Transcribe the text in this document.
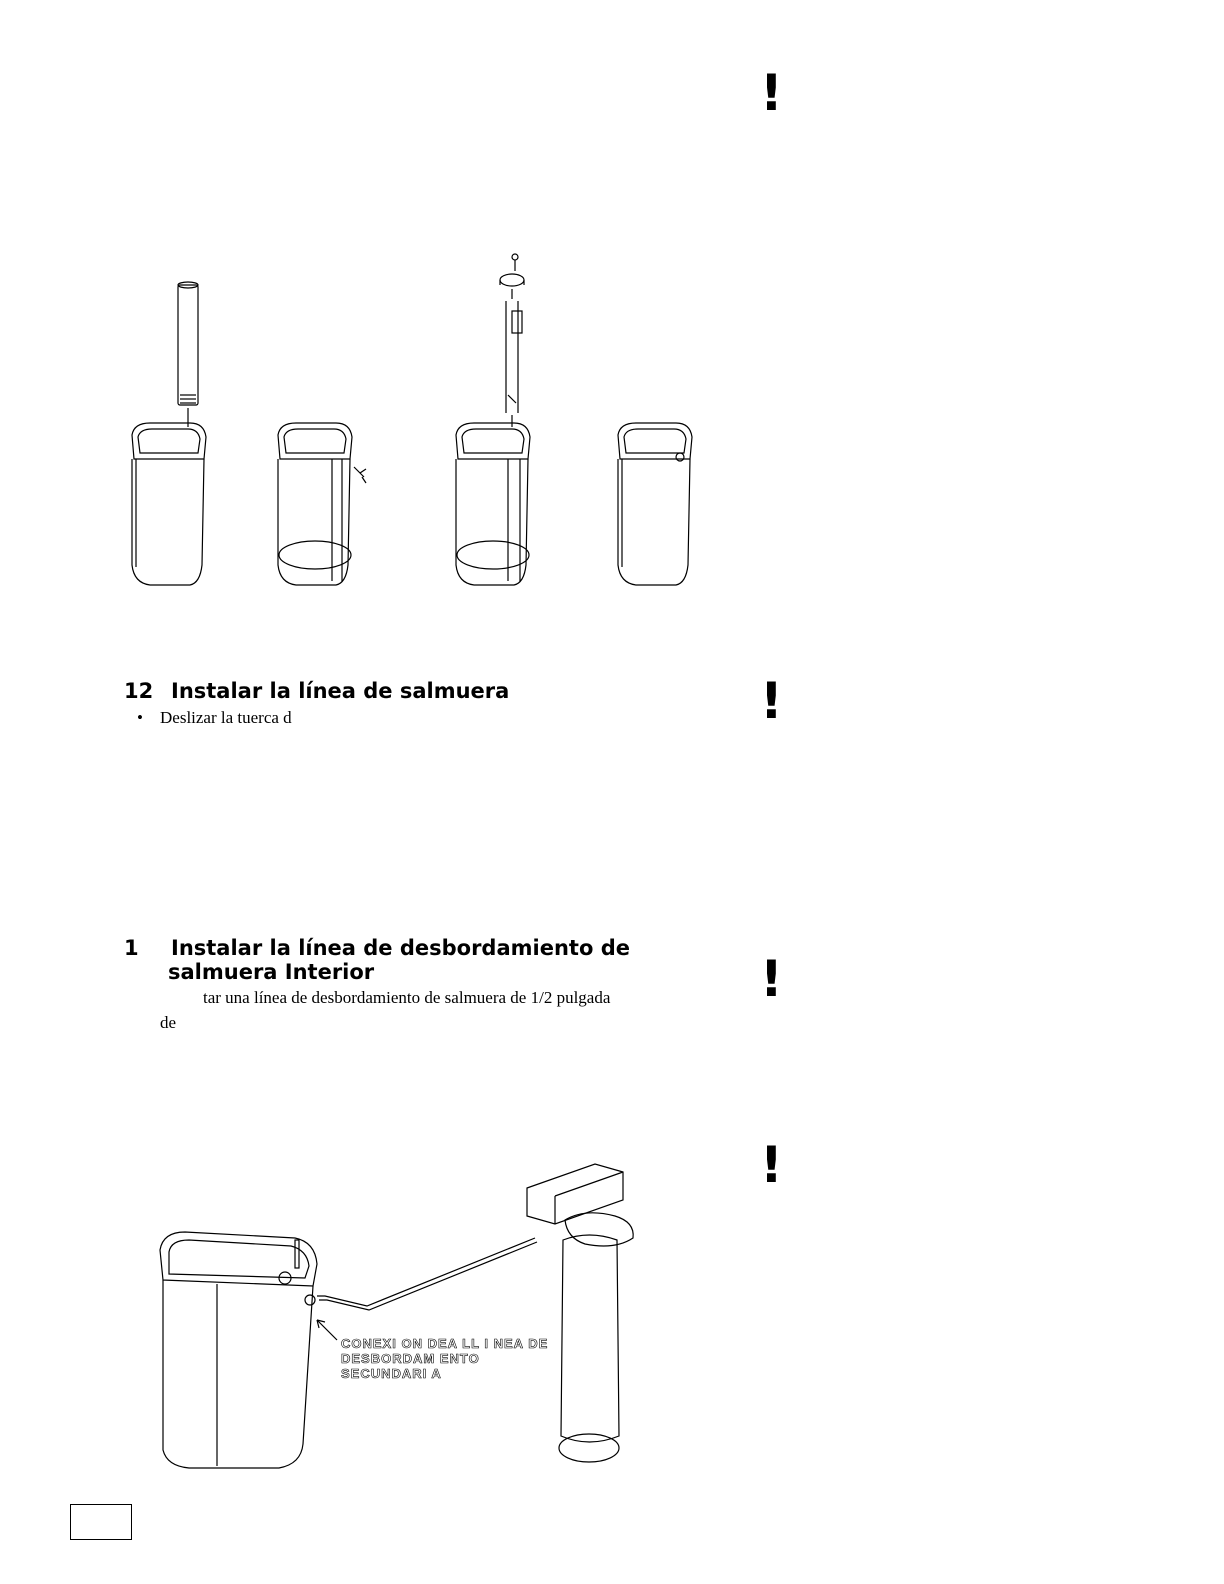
!
!
!
!
12 Instalar la línea de salmuera
• Deslizar la tuerca d
1 Instalar la línea de desbordamiento de
salmuera Interior
tar una línea de desbordamiento de salmuera de 1/2 pulgada
de
CONEXI ON DEA LL I NEA DE
DESBORDAM ENTO
SECUNDARI A
